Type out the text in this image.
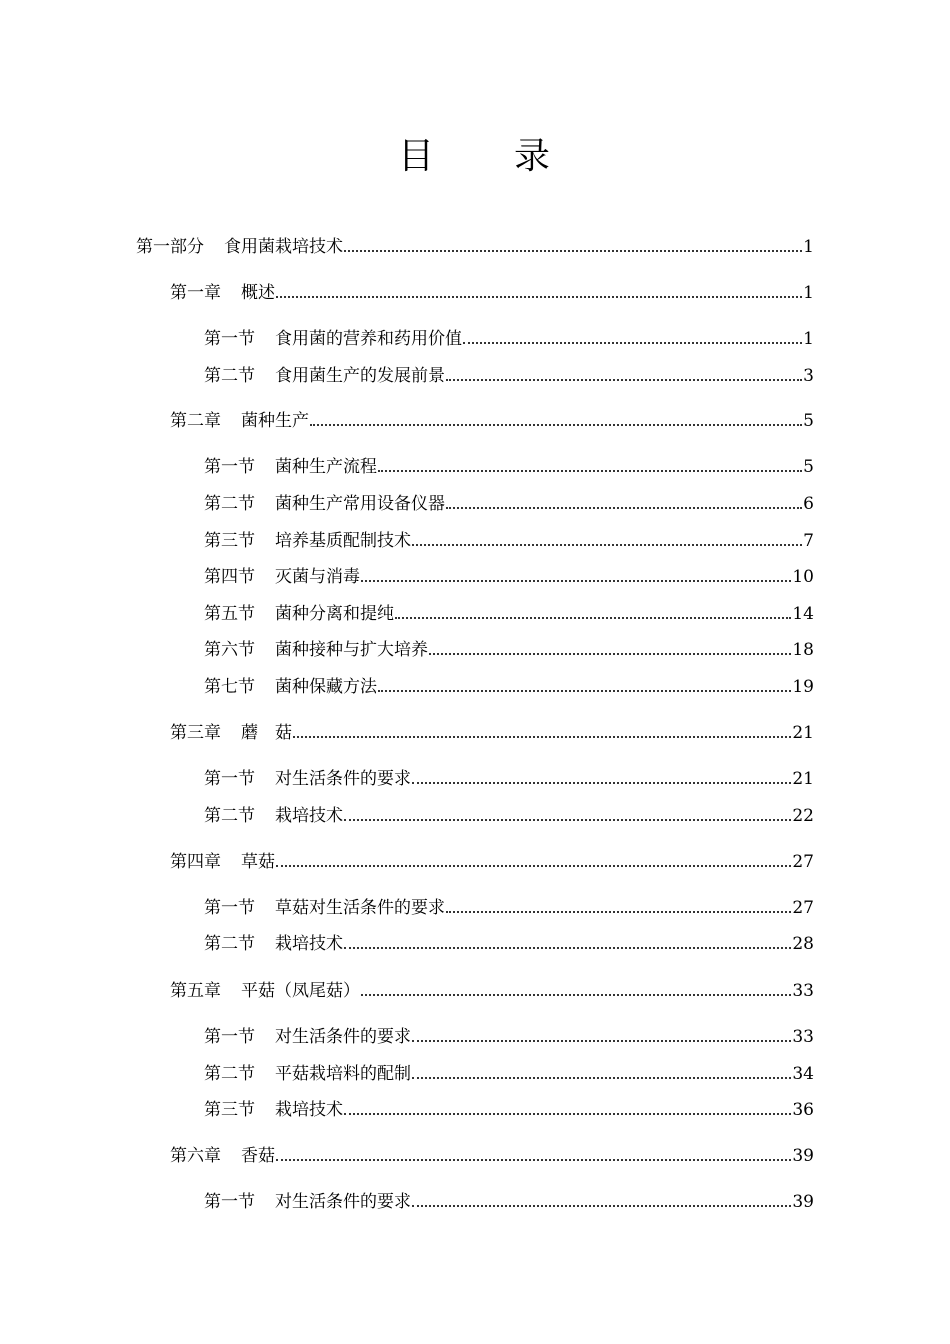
目 录
第一部分 食用菌栽培技术	1
第一章 概述	1
第一节 食用菌的营养和药用价值	1
第二节 食用菌生产的发展前景	3
第二章 菌种生产	5
第一节 菌种生产流程	5
第二节 菌种生产常用设备仪器	6
第三节 培养基质配制技术	7
第四节 灭菌与消毒	10
第五节 菌种分离和提纯	14
第六节 菌种接种与扩大培养	18
第七节 菌种保藏方法	19
第三章 蘑　菇	21
第一节 对生活条件的要求	21
第二节 栽培技术	22
第四章 草菇	27
第一节 草菇对生活条件的要求	27
第二节 栽培技术	28
第五章 平菇（凤尾菇）	33
第一节 对生活条件的要求	33
第二节 平菇栽培料的配制	34
第三节 栽培技术	36
第六章 香菇	39
第一节 对生活条件的要求	39
